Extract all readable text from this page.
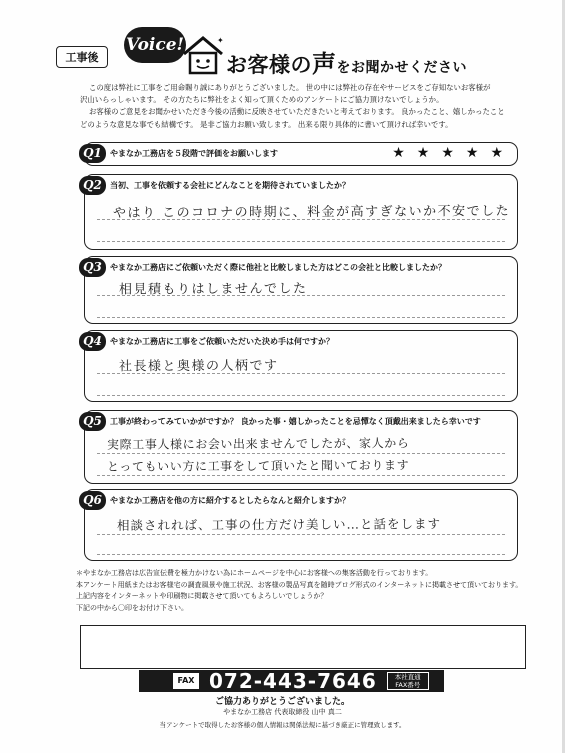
工事後
Voice!	✦
お客様の声をお聞かせください

この度は弊社に工事をご用命賜り誠にありがとうございました。 世の中には弊社の存在やサービスをご存知ないお客様が

沢山いらっしゃいます。 その方たちに弊社をよく知って頂くためのアンケートにご協力頂けないでしょうか。

お客様のご意見をお聞かせいただき今後の活動に反映させていただきたいと考えております。 良かったこと、嬉しかったこと

どのような意見な事でも結構です。 是非ご協力お願い致します。 出来る限り具体的に書いて頂ければ幸いです。

Q1	やまなか工務店を５段階で評価をお願いします	★ ★ ★ ★ ★
Q2	当初、工事を依頼する会社にどんなことを期待されていましたか？
やはり このコロナの時期に、料金が高すぎないか不安でした
Q3	やまなか工務店にご依頼いただく際に他社と比較しました方はどこの会社と比較しましたか？
相見積もりはしませんでした
Q4	やまなか工務店に工事をご依頼いただいた決め手は何ですか？
社長様と奥様の人柄です
Q5	工事が終わってみていかがですか？ 良かった事・嬉しかったことを忌憚なく頂戴出来ましたら幸いです
実際工事人様にお会い出来ませんでしたが、家人から
とってもいい方に工事をして頂いたと聞いております
Q6	やまなか工務店を他の方に紹介するとしたらなんと紹介しますか？
相談されれば、工事の仕方だけ美しい…と話をします

＊やまなか工務店は広告宣伝費を極力かけない為にホームページを中心にお客様への集客活動を行っております。

本アンケート用紙またはお客様宅の調査風景や施工状況、お客様の製品写真を随時ブログ形式のインターネットに掲載させて頂いております。

上記内容をインターネットや印刷物に掲載させて頂いてもよろしいでしょうか？

下記の中から〇印をお付け下さい。

FAX 072-443-7646	本社直通
FAX番号
ご協力ありがとうございました。
やまなか工務店 代表取締役 山中 真二
当アンケートで取得したお客様の個人情報は関係法規に基づき厳正に管理致します。
